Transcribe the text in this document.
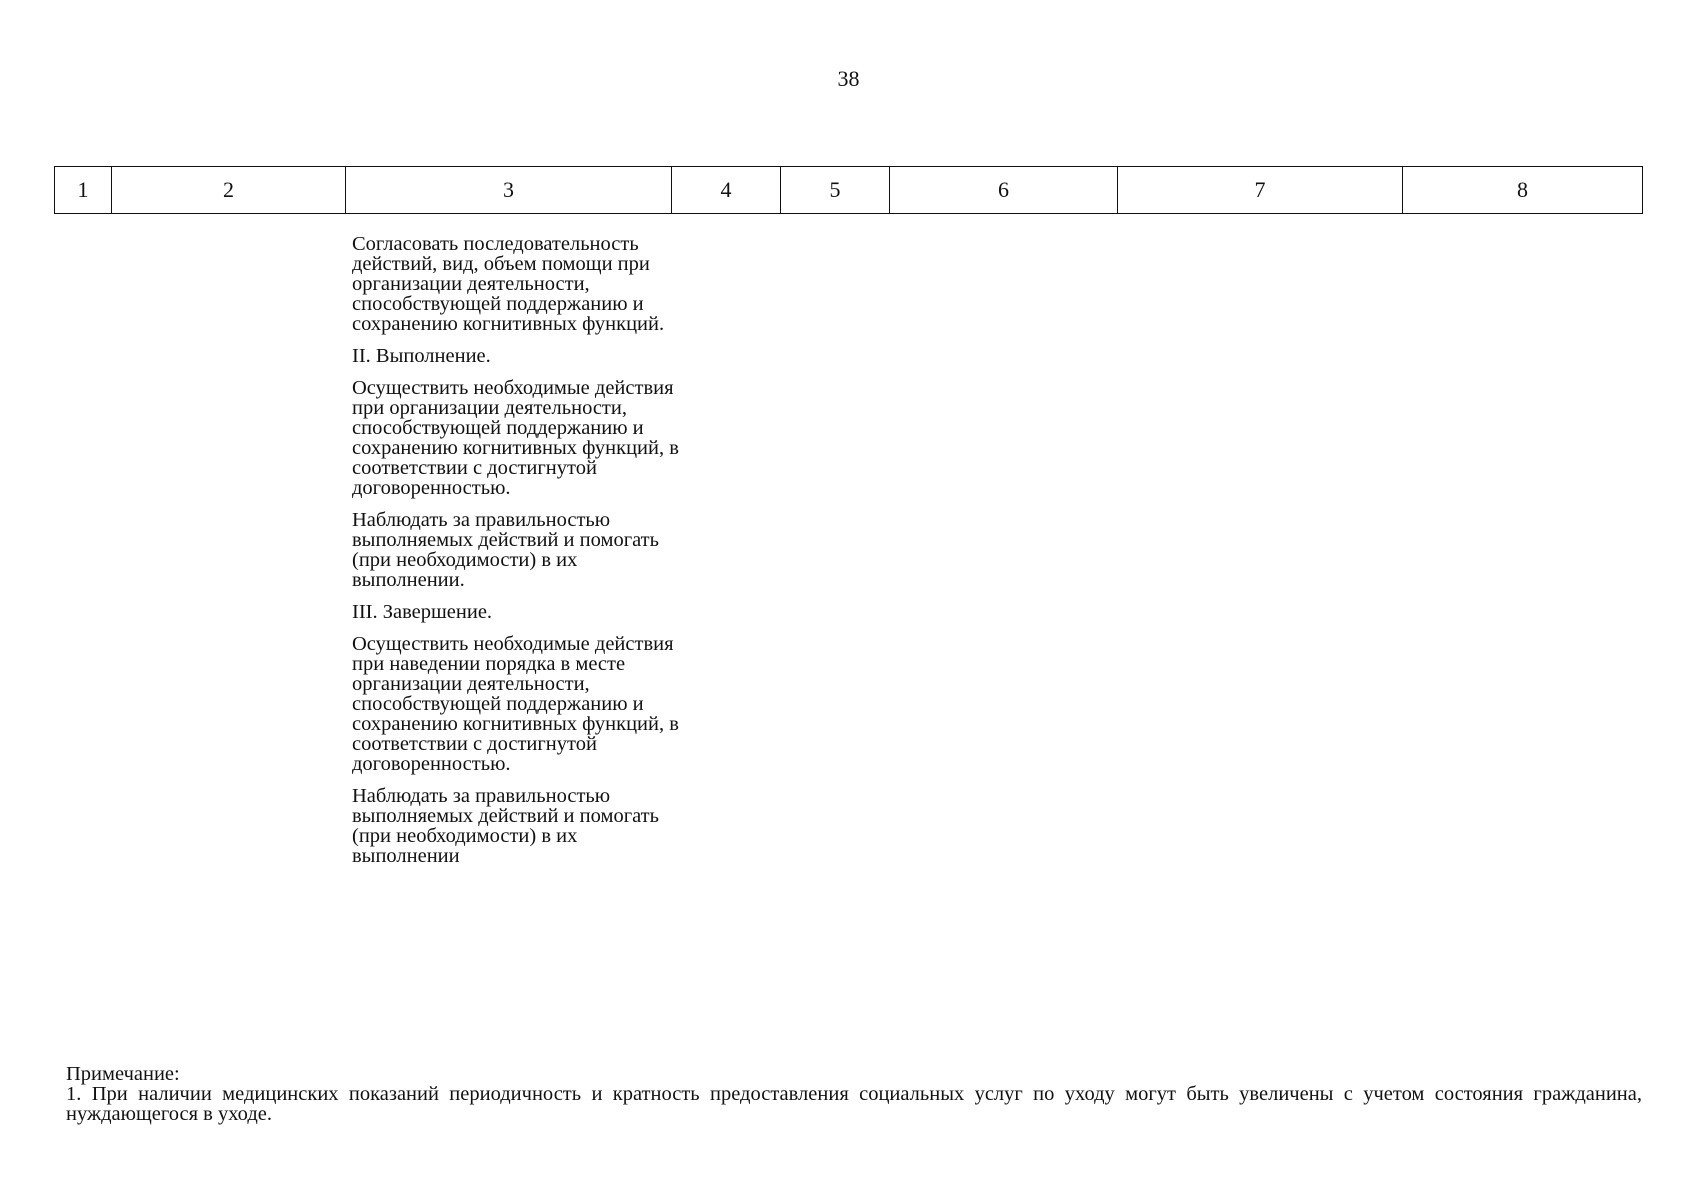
38
1	2	3	4	5	6	7	8

Согласовать последовательность действий, вид, объем помощи при организации деятельности, способствующей поддержанию и сохранению когнитивных функций.

II. Выполнение.

Осуществить необходимые действия при организации деятельности, способствующей поддержанию и сохранению когнитивных функций, в соответствии с достигнутой договоренностью.

Наблюдать за правильностью выполняемых действий и помогать (при необходимости) в их выполнении.

III. Завершение.

Осуществить необходимые действия при наведении порядка в месте организации деятельности, способствующей поддержанию и сохранению когнитивных функций, в соответствии с достигнутой договоренностью.

Наблюдать за правильностью выполняемых действий и помогать (при необходимости) в их выполнении

Примечание:

1. При наличии медицинских показаний периодичность и кратность предоставления социальных услуг по уходу могут быть увеличены с учетом состояния гражданина, нуждающегося в уходе.
